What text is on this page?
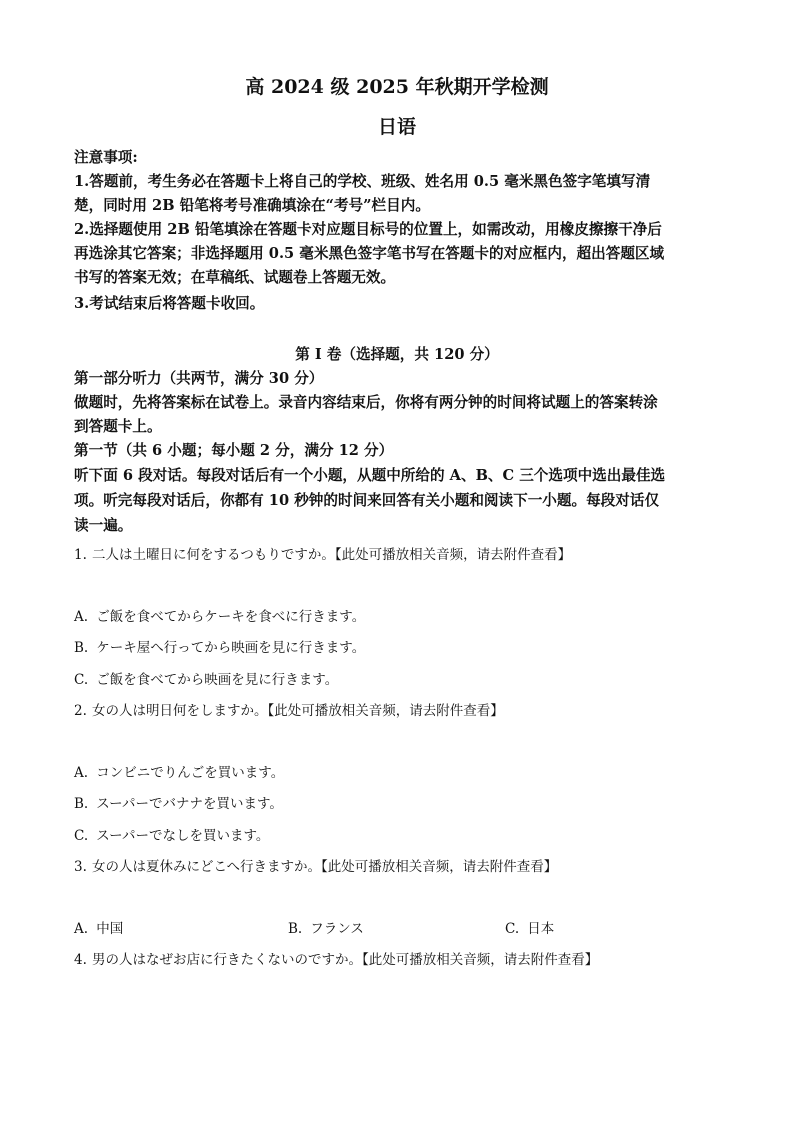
高 2024 级 2025 年秋期开学检测
日语
注意事项:
1.答题前，考生务必在答题卡上将自己的学校、班级、姓名用 0.5 毫米黑色签字笔填写清
楚，同时用 2B 铅笔将考号准确填涂在“考号”栏目内。
2.选择题使用 2B 铅笔填涂在答题卡对应题目标号的位置上，如需改动，用橡皮擦擦干净后
再选涂其它答案；非选择题用 0.5 毫米黑色签字笔书写在答题卡的对应框内，超出答题区域
书写的答案无效；在草稿纸、试题卷上答题无效。
3.考试结束后将答题卡收回。
第 I 卷（选择题，共 120 分）
第一部分听力（共两节，满分 30 分）
做题时，先将答案标在试卷上。录音内容结束后，你将有两分钟的时间将试题上的答案转涂
到答题卡上。
第一节（共 6 小题；每小题 2 分，满分 12 分）
听下面 6 段对话。每段对话后有一个小题，从题中所给的 A、B、C 三个选项中选出最佳选
项。听完每段对话后，你都有 10 秒钟的时间来回答有关小题和阅读下一小题。每段对话仅
读一遍。
1. 二人は土曜日に何をするつもりですか。【此处可播放相关音频，请去附件查看】
A. ご飯を食べてからケーキを食べに行きます。
B. ケーキ屋へ行ってから映画を見に行きます。
C. ご飯を食べてから映画を見に行きます。
2. 女の人は明日何をしますか。【此处可播放相关音频，请去附件查看】
A. コンビニでりんごを買います。
B. スーパーでバナナを買います。
C. スーパーでなしを買います。
3. 女の人は夏休みにどこへ行きますか。【此处可播放相关音频，请去附件查看】
A. 中国	B. フランス	C. 日本
4. 男の人はなぜお店に行きたくないのですか。【此处可播放相关音频，请去附件查看】
